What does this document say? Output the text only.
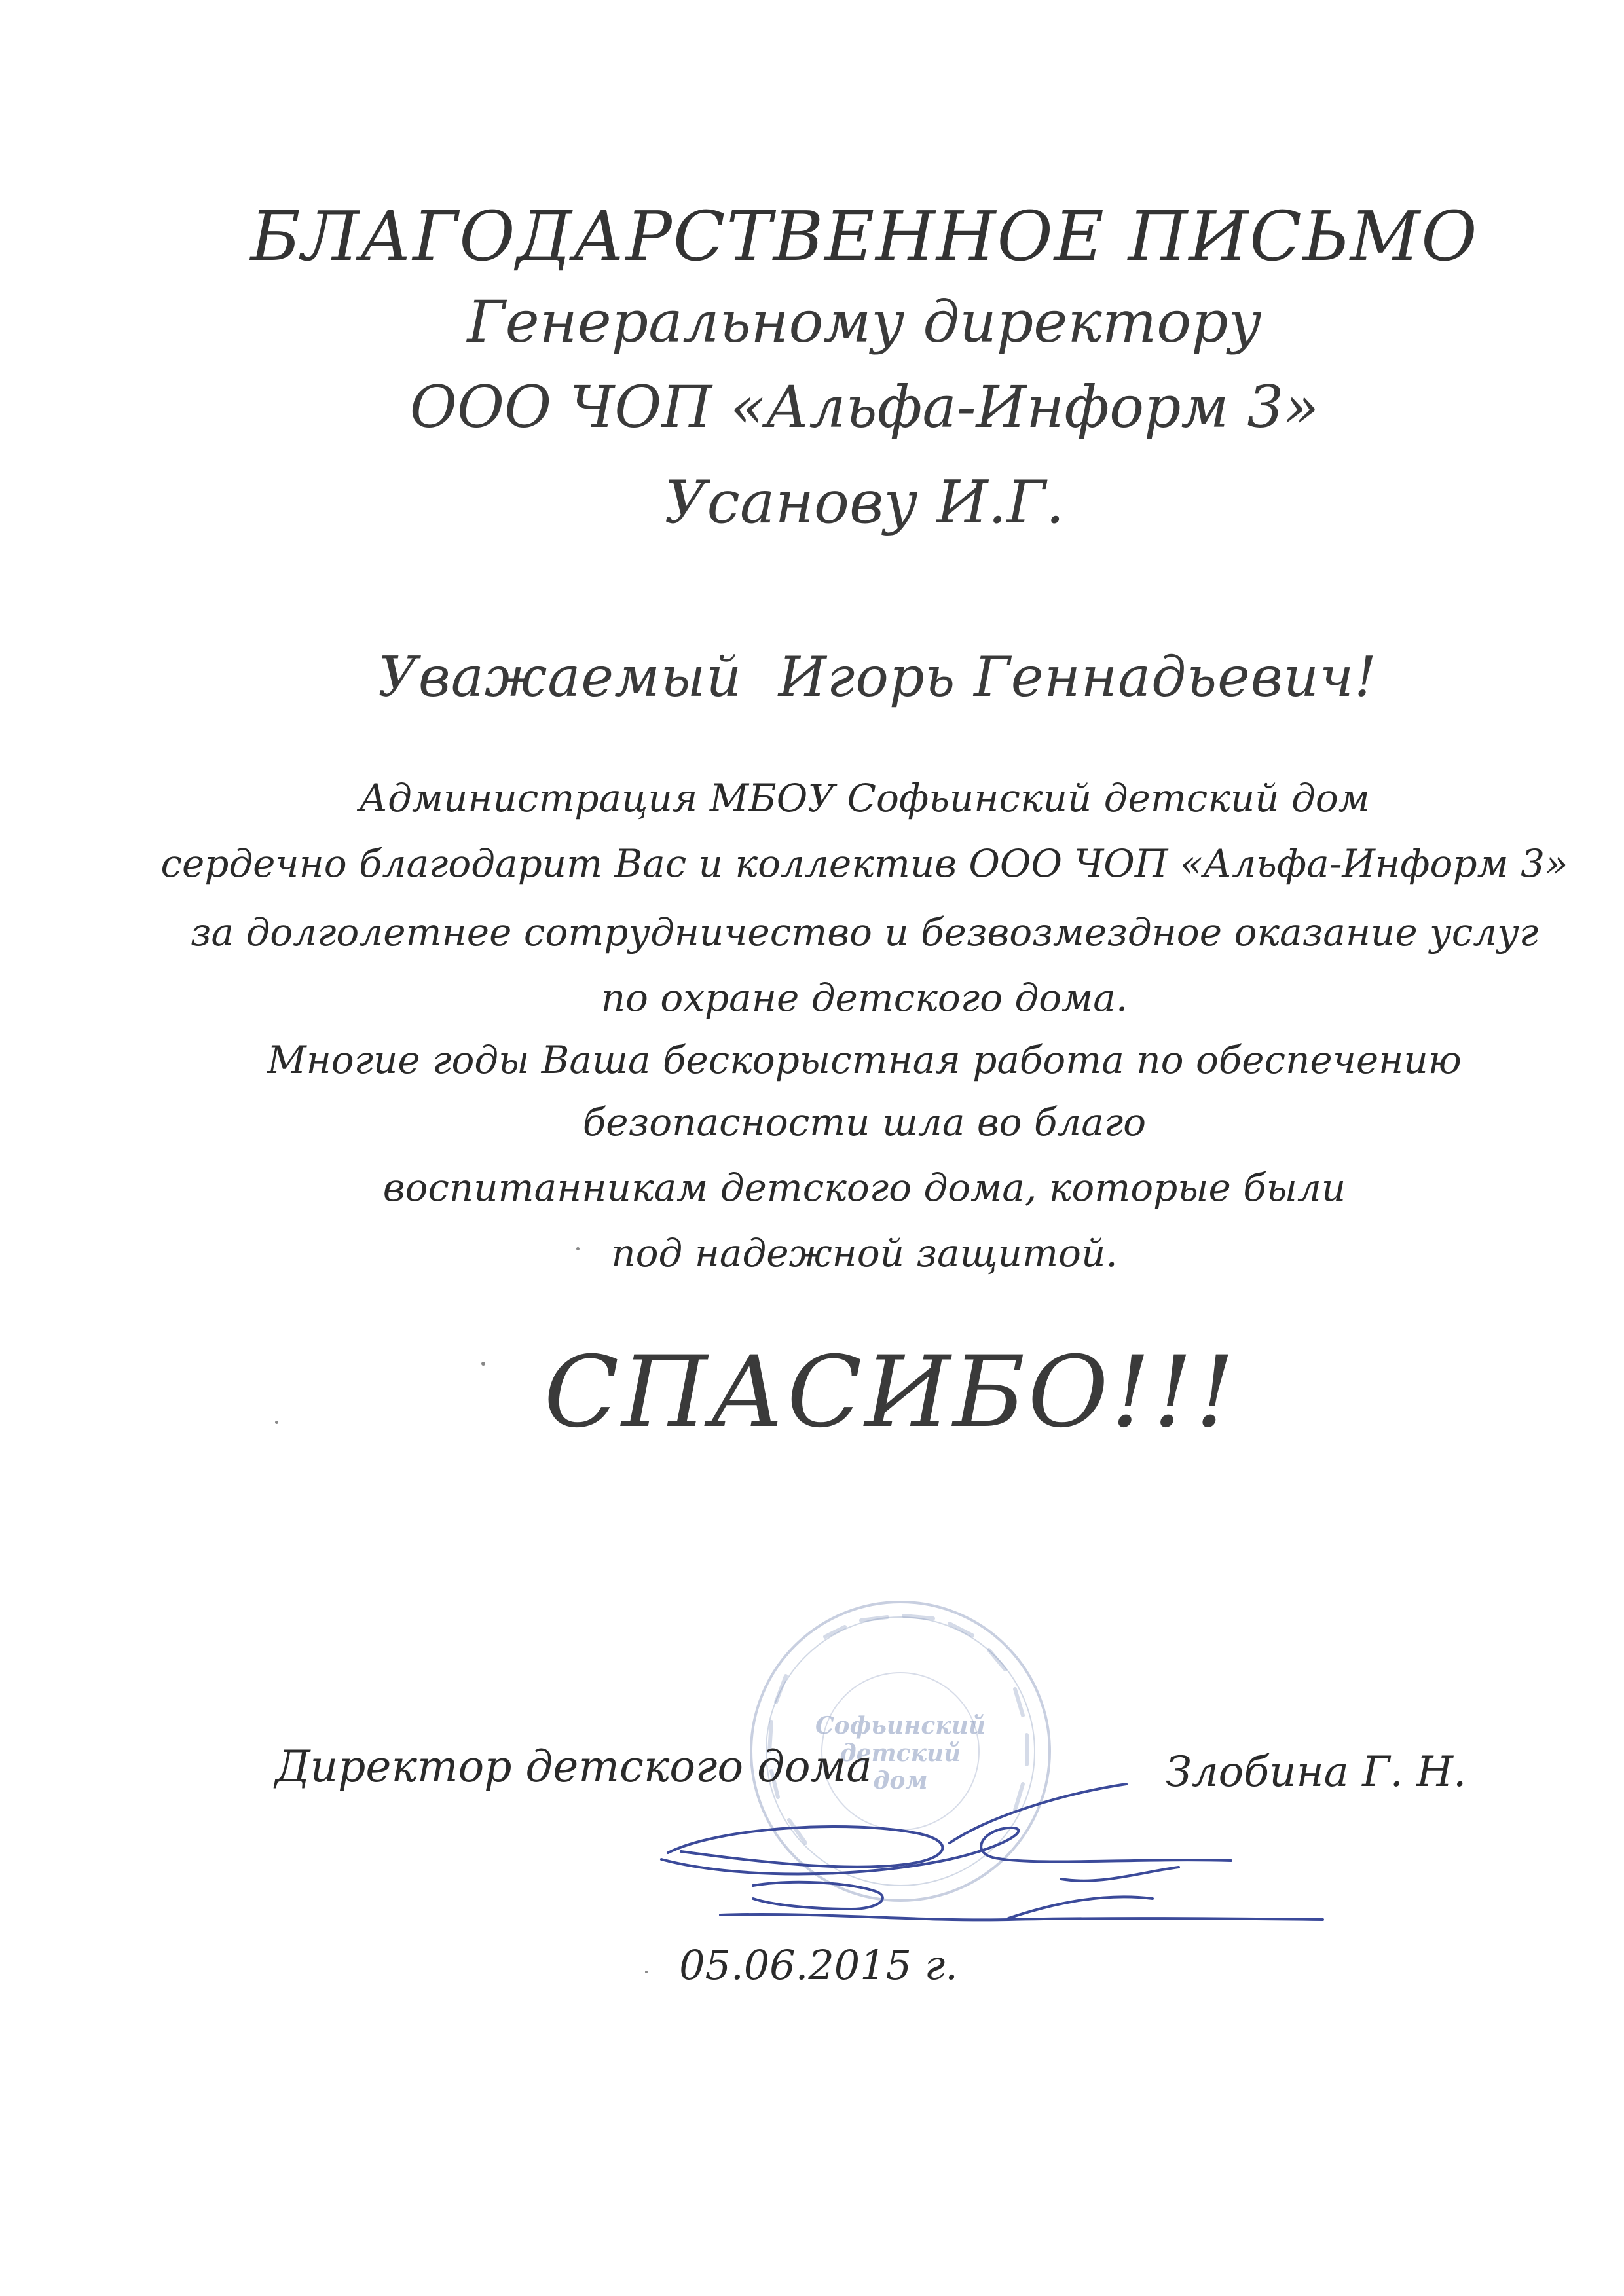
БЛАГОДАРСТВЕННОЕ ПИСЬМО
Генеральному директору
ООО ЧОП «Альфа-Информ 3»
Усанову И.Г.
Уважаемый  Игорь Геннадьевич!
Администрация МБОУ Софьинский детский дом
сердечно благодарит Вас и коллектив ООО ЧОП «Альфа-Информ 3»
за долголетнее сотрудничество и безвозмездное оказание услуг
по охране детского дома.
Многие годы Ваша бескорыстная работа по обеспечению
безопасности шла во благо
воспитанникам детского дома, которые были
под надежной защитой.
СПАСИБО!!!
Софьинский
детский
дом
Директор детского дома	Злобина Г. Н.
05.06.2015 г.
